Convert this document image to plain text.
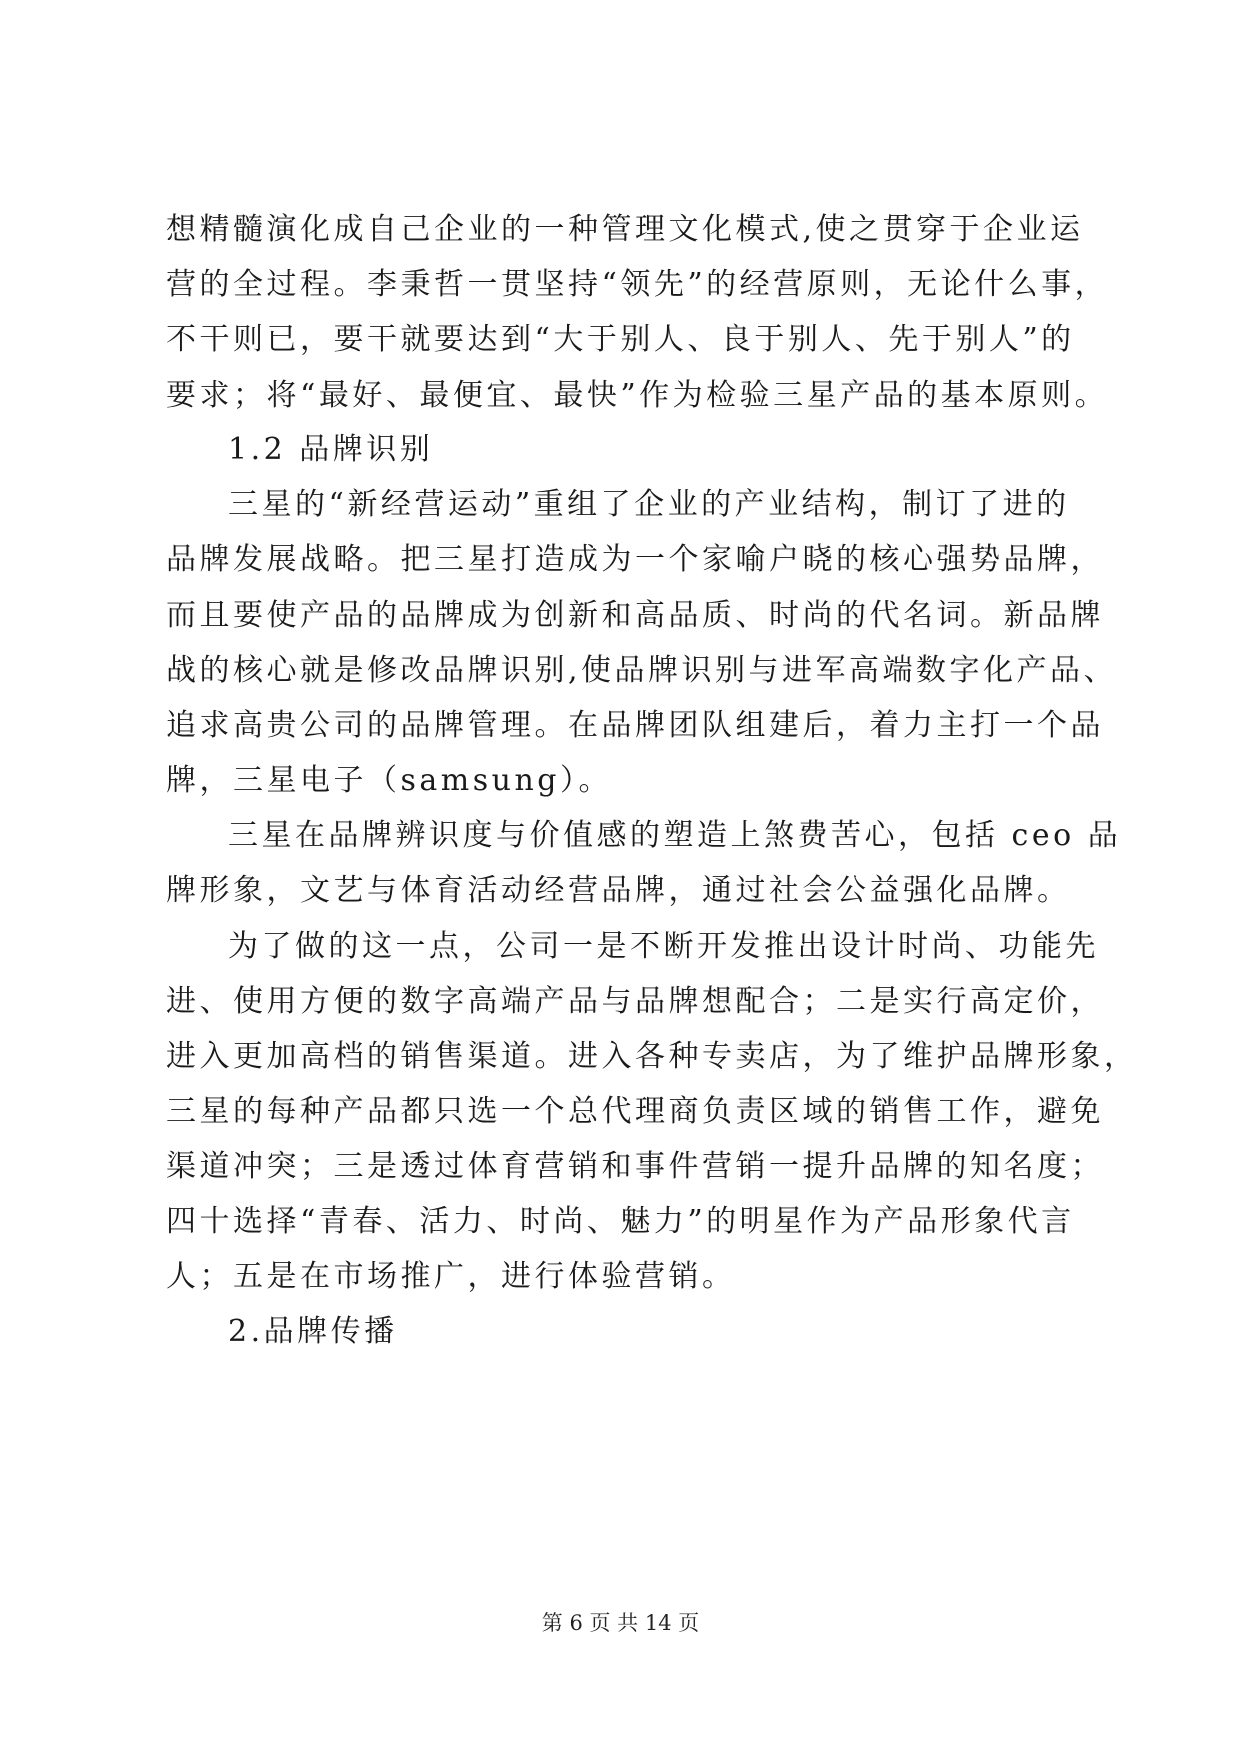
想精髓演化成自己企业的一种管理文化模式,使之贯穿于企业运
营的全过程。李秉哲一贯坚持“领先”的经营原则，无论什么事，
不干则已，要干就要达到“大于别人、良于别人、先于别人”的
要求；将“最好、最便宜、最快”作为检验三星产品的基本原则。
1.2 品牌识别
三星的“新经营运动”重组了企业的产业结构，制订了进的
品牌发展战略。把三星打造成为一个家喻户晓的核心强势品牌，
而且要使产品的品牌成为创新和高品质、时尚的代名词。新品牌
战的核心就是修改品牌识别,使品牌识别与进军高端数字化产品、
追求高贵公司的品牌管理。在品牌团队组建后，着力主打一个品
牌，三星电子（samsung）。
三星在品牌辨识度与价值感的塑造上煞费苦心，包括 ceo 品
牌形象，文艺与体育活动经营品牌，通过社会公益强化品牌。
为了做的这一点，公司一是不断开发推出设计时尚、功能先
进、使用方便的数字高端产品与品牌想配合；二是实行高定价，
进入更加高档的销售渠道。进入各种专卖店，为了维护品牌形象，
三星的每种产品都只选一个总代理商负责区域的销售工作，避免
渠道冲突；三是透过体育营销和事件营销一提升品牌的知名度；
四十选择“青春、活力、时尚、魅力”的明星作为产品形象代言
人；五是在市场推广，进行体验营销。
2.品牌传播
第 6 页 共 14 页
